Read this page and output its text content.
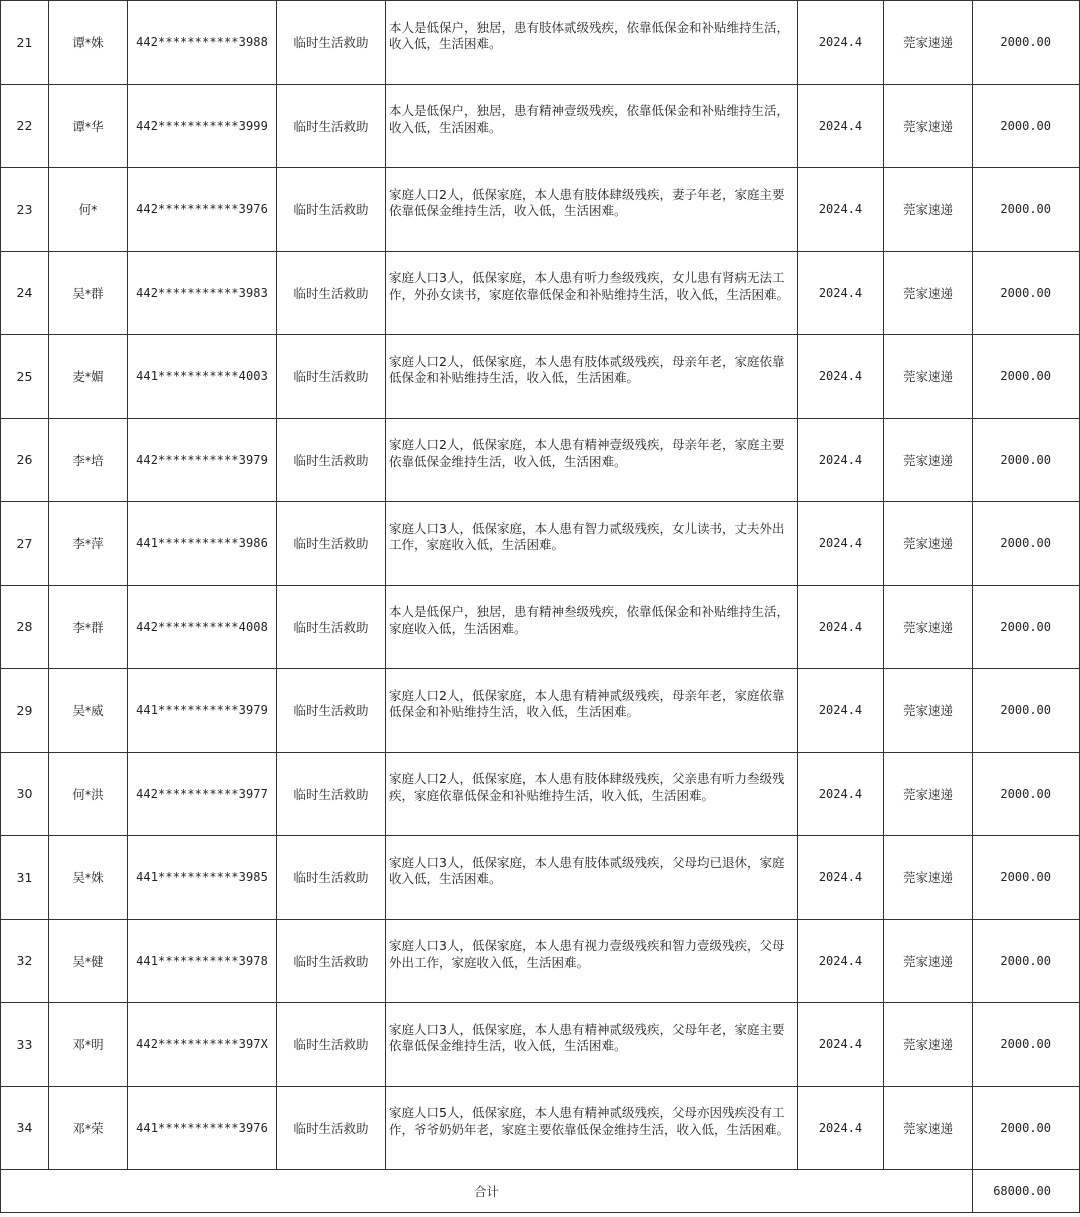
21	谭*姝	442***********3988	临时生活救助	本人是低保户，独居，患有肢体贰级残疾，依靠低保金和补贴维持生活，收入低，生活困难。	2024.4	莞家速递	2000.00
22	谭*华	442***********3999	临时生活救助	本人是低保户，独居，患有精神壹级残疾，依靠低保金和补贴维持生活，收入低，生活困难。	2024.4	莞家速递	2000.00
23	何*	442***********3976	临时生活救助	家庭人口2人，低保家庭，本人患有肢体肆级残疾，妻子年老，家庭主要依靠低保金维持生活，收入低，生活困难。	2024.4	莞家速递	2000.00
24	吴*群	442***********3983	临时生活救助	家庭人口3人，低保家庭，本人患有听力叁级残疾，女儿患有肾病无法工作，外孙女读书，家庭依靠低保金和补贴维持生活，收入低，生活困难。	2024.4	莞家速递	2000.00
25	麦*媚	441***********4003	临时生活救助	家庭人口2人，低保家庭，本人患有肢体贰级残疾，母亲年老，家庭依靠低保金和补贴维持生活，收入低，生活困难。	2024.4	莞家速递	2000.00
26	李*培	442***********3979	临时生活救助	家庭人口2人，低保家庭，本人患有精神壹级残疾，母亲年老，家庭主要依靠低保金维持生活，收入低，生活困难。	2024.4	莞家速递	2000.00
27	李*萍	441***********3986	临时生活救助	家庭人口3人，低保家庭，本人患有智力贰级残疾，女儿读书，丈夫外出工作，家庭收入低，生活困难。	2024.4	莞家速递	2000.00
28	李*群	442***********4008	临时生活救助	本人是低保户，独居，患有精神叁级残疾，依靠低保金和补贴维持生活，家庭收入低，生活困难。	2024.4	莞家速递	2000.00
29	吴*威	441***********3979	临时生活救助	家庭人口2人，低保家庭，本人患有精神贰级残疾，母亲年老，家庭依靠低保金和补贴维持生活，收入低，生活困难。	2024.4	莞家速递	2000.00
30	何*洪	442***********3977	临时生活救助	家庭人口2人，低保家庭，本人患有肢体肆级残疾，父亲患有听力叁级残疾，家庭依靠低保金和补贴维持生活，收入低，生活困难。	2024.4	莞家速递	2000.00
31	吴*姝	441***********3985	临时生活救助	家庭人口3人，低保家庭，本人患有肢体贰级残疾，父母均已退休，家庭收入低，生活困难。	2024.4	莞家速递	2000.00
32	吴*健	441***********3978	临时生活救助	家庭人口3人，低保家庭，本人患有视力壹级残疾和智力壹级残疾，父母外出工作，家庭收入低，生活困难。	2024.4	莞家速递	2000.00
33	邓*明	442***********397X	临时生活救助	家庭人口3人，低保家庭，本人患有精神贰级残疾，父母年老，家庭主要依靠低保金维持生活，收入低，生活困难。	2024.4	莞家速递	2000.00
34	邓*荣	441***********3976	临时生活救助	家庭人口5人，低保家庭，本人患有精神贰级残疾，父母亦因残疾没有工作，爷爷奶奶年老，家庭主要依靠低保金维持生活，收入低，生活困难。	2024.4	莞家速递	2000.00
合计							68000.00
